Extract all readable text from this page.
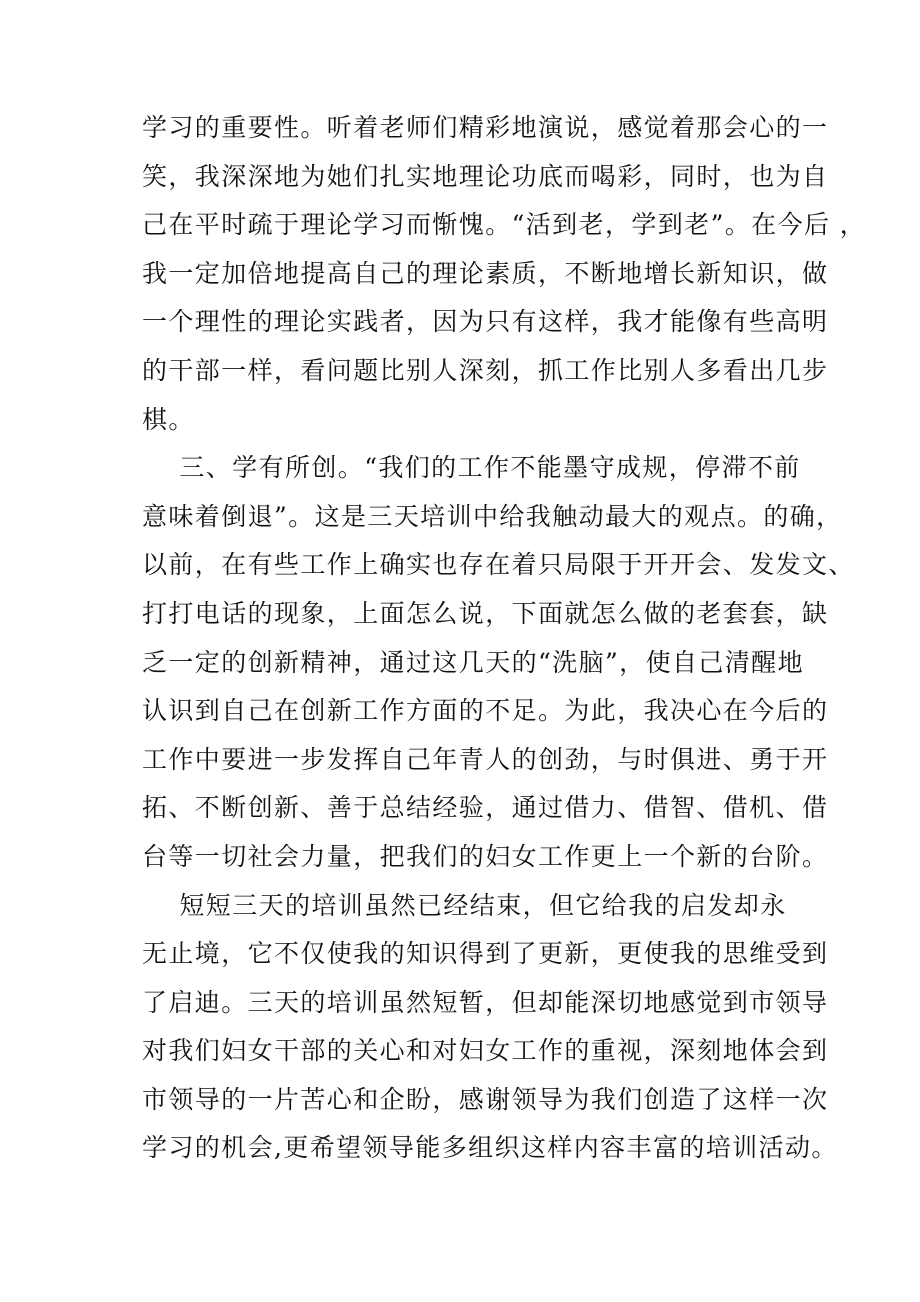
学习的重要性。听着老师们精彩地演说，感觉着那会心的一
笑，我深深地为她们扎实地理论功底而喝彩，同时，也为自
己在平时疏于理论学习而惭愧。“活到老，学到老”。在今后 ，
我一定加倍地提高自己的理论素质，不断地增长新知识，做
一个理性的理论实践者，因为只有这样，我才能像有些高明
的干部一样，看问题比别人深刻，抓工作比别人多看出几步
棋。
三、学有所创。“我们的工作不能墨守成规，停滞不前
意味着倒退”。这是三天培训中给我触动最大的观点。的确，
以前，在有些工作上确实也存在着只局限于开开会、发发文、
打打电话的现象，上面怎么说，下面就怎么做的老套套，缺
乏一定的创新精神，通过这几天的“洗脑”，使自己清醒地
认识到自己在创新工作方面的不足。为此，我决心在今后的
工作中要进一步发挥自己年青人的创劲，与时俱进、勇于开
拓、不断创新、善于总结经验，通过借力、借智、借机、借
台等一切社会力量，把我们的妇女工作更上一个新的台阶。
短短三天的培训虽然已经结束，但它给我的启发却永
无止境，它不仅使我的知识得到了更新，更使我的思维受到
了启迪。三天的培训虽然短暂，但却能深切地感觉到市领导
对我们妇女干部的关心和对妇女工作的重视，深刻地体会到
市领导的一片苦心和企盼，感谢领导为我们创造了这样一次
学习的机会,更希望领导能多组织这样内容丰富的培训活动。
